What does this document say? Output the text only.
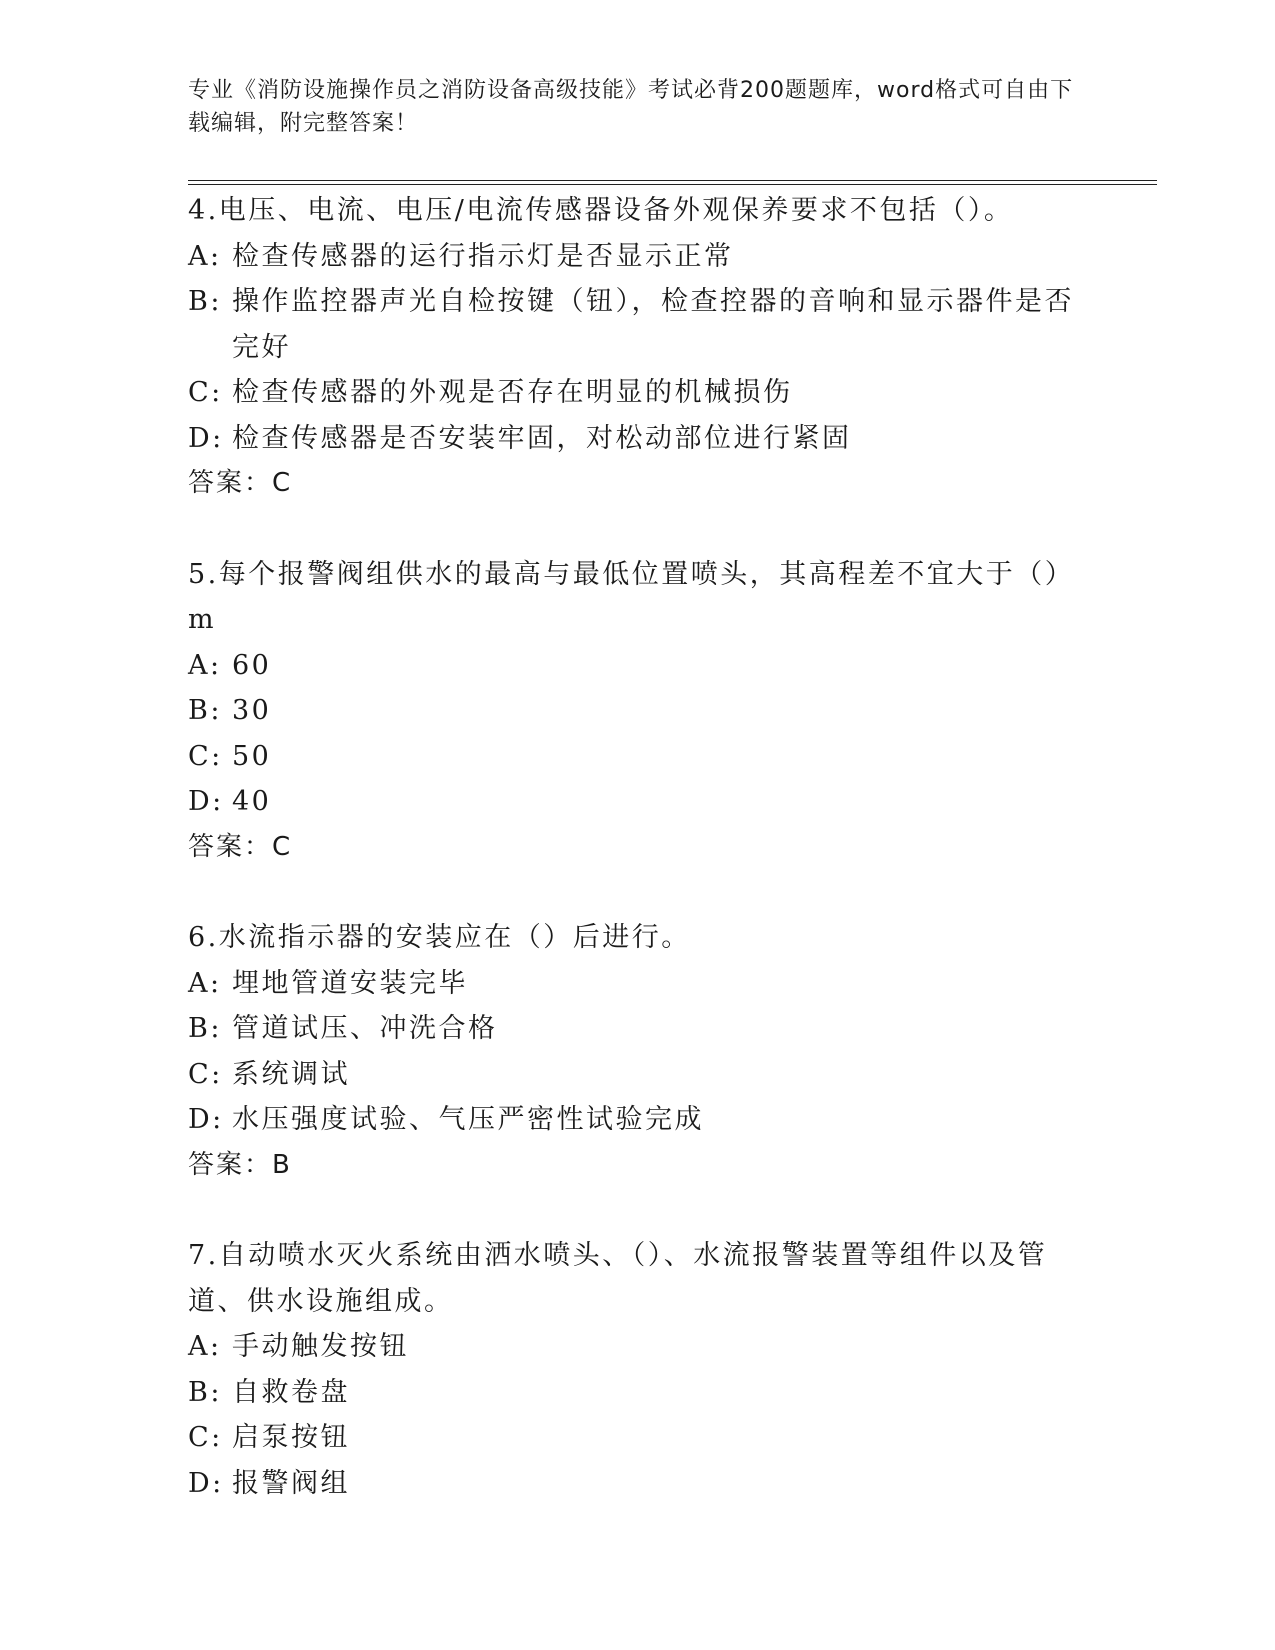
专业《消防设施操作员之消防设备高级技能》考试必背200题题库，word格式可自由下载编辑，附完整答案！
4.电压、电流、电压/电流传感器设备外观保养要求不包括（）。
A: 检查传感器的运行指示灯是否显示正常
B: 操作监控器声光自检按键（钮），检查控器的音响和显示器件是否完好
C: 检查传感器的外观是否存在明显的机械损伤
D: 检查传感器是否安装牢固，对松动部位进行紧固
答案：C
5.每个报警阀组供水的最高与最低位置喷头，其高程差不宜大于（）m
A: 60
B: 30
C: 50
D: 40
答案：C
6.水流指示器的安装应在（）后进行。
A: 埋地管道安装完毕
B: 管道试压、冲洗合格
C: 系统调试
D: 水压强度试验、气压严密性试验完成
答案：B
7.自动喷水灭火系统由洒水喷头、（）、水流报警装置等组件以及管道、供水设施组成。
A: 手动触发按钮
B: 自救卷盘
C: 启泵按钮
D: 报警阀组
